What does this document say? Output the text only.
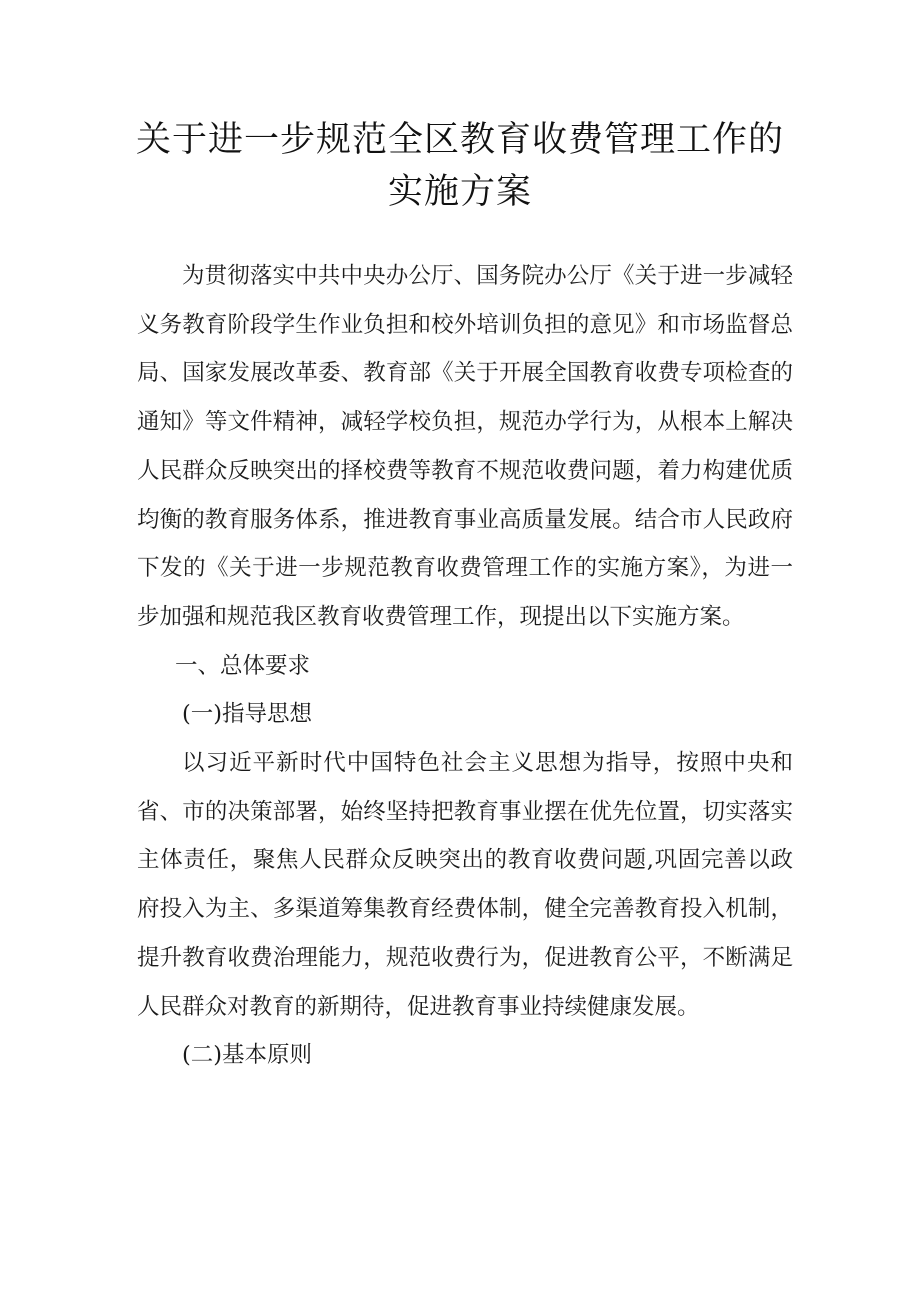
关于进一步规范全区教育收费管理工作的
实施方案

为贯彻落实中共中央办公厅、国务院办公厅《关于进一步减轻义务教育阶段学生作业负担和校外培训负担的意见》和市场监督总局、国家发展改革委、教育部《关于开展全国教育收费专项检查的通知》等文件精神，减轻学校负担，规范办学行为，从根本上解决人民群众反映突出的择校费等教育不规范收费问题，着力构建优质均衡的教育服务体系，推进教育事业高质量发展。结合市人民政府下发的《关于进一步规范教育收费管理工作的实施方案》，为进一步加强和规范我区教育收费管理工作，现提出以下实施方案。

一、总体要求

(一)指导思想

以习近平新时代中国特色社会主义思想为指导，按照中央和省、市的决策部署，始终坚持把教育事业摆在优先位置，切实落实主体责任，聚焦人民群众反映突出的教育收费问题,巩固完善以政府投入为主、多渠道筹集教育经费体制，健全完善教育投入机制，提升教育收费治理能力，规范收费行为，促进教育公平，不断满足人民群众对教育的新期待，促进教育事业持续健康发展。

(二)基本原则
